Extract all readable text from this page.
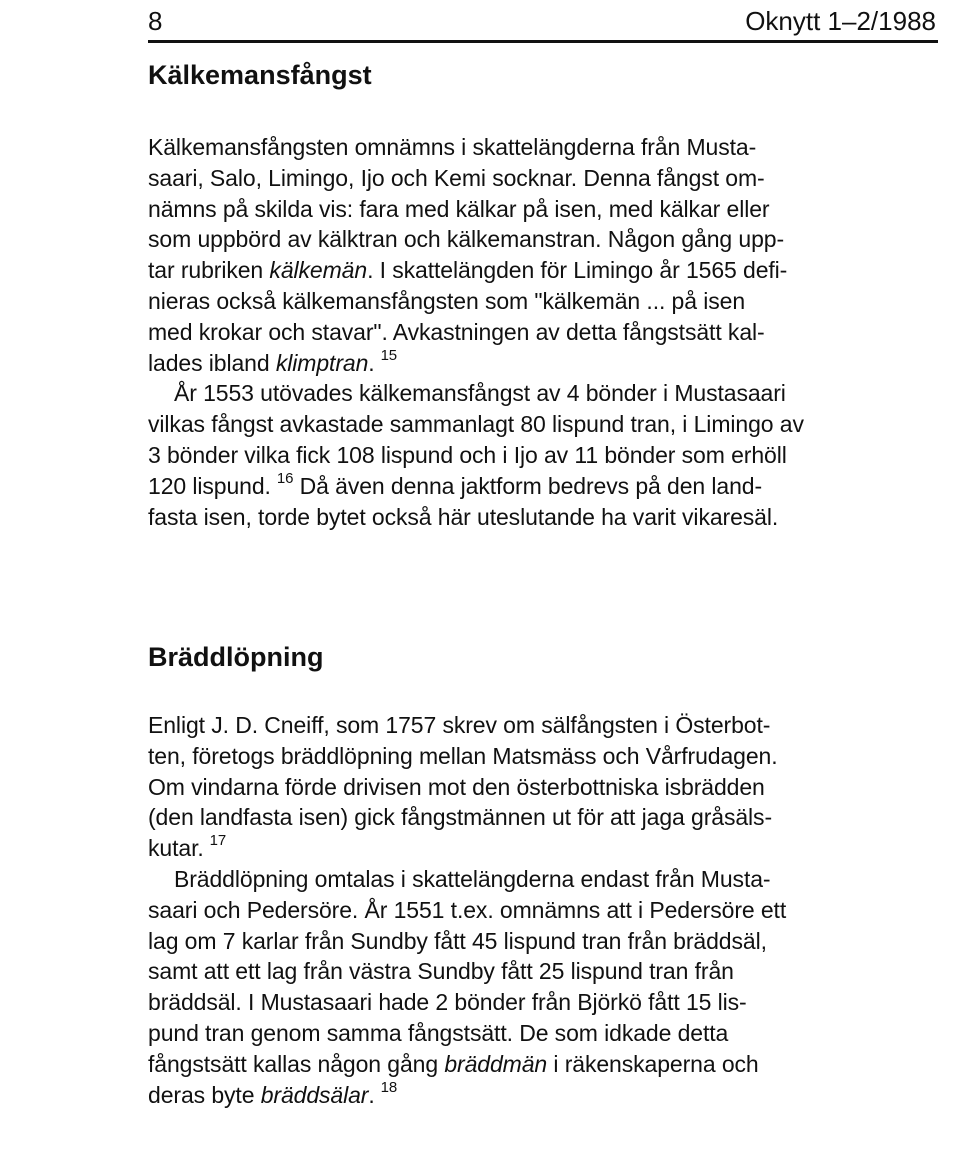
8	Oknytt 1–2/1988
Kälkemansfångst
Kälkemansfångsten omnämns i skattelängderna från Musta-
saari, Salo, Limingo, Ijo och Kemi socknar. Denna fångst om-
nämns på skilda vis: fara med kälkar på isen, med kälkar eller
som uppbörd av kälktran och kälkemanstran. Någon gång upp-
tar rubriken kälkemän. I skattelängden för Limingo år 1565 defi-
nieras också kälkemansfångsten som "kälkemän ... på isen
med krokar och stavar". Avkastningen av detta fångstsätt kal-
lades ibland klimptran. $^{15}$
År 1553 utövades kälkemansfångst av 4 bönder i Mustasaari
vilkas fångst avkastade sammanlagt 80 lispund tran, i Limingo av
3 bönder vilka fick 108 lispund och i Ijo av 11 bönder som erhöll
120 lispund. $^{16}$ Då även denna jaktform bedrevs på den land-
fasta isen, torde bytet också här uteslutande ha varit vikaresäl.
Bräddlöpning
Enligt J. D. Cneiff, som 1757 skrev om sälfångsten i Österbot-
ten, företogs bräddlöpning mellan Matsmäss och Vårfrudagen.
Om vindarna förde drivisen mot den österbottniska isbrädden
(den landfasta isen) gick fångstmännen ut för att jaga gråsäls-
kutar. $^{17}$
Bräddlöpning omtalas i skattelängderna endast från Musta-
saari och Pedersöre. År 1551 t.ex. omnämns att i Pedersöre ett
lag om 7 karlar från Sundby fått 45 lispund tran från bräddsäl,
samt att ett lag från västra Sundby fått 25 lispund tran från
bräddsäl. I Mustasaari hade 2 bönder från Björkö fått 15 lis-
pund tran genom samma fångstsätt. De som idkade detta
fångstsätt kallas någon gång bräddmän i räkenskaperna och
deras byte bräddsälar. $^{18}$
